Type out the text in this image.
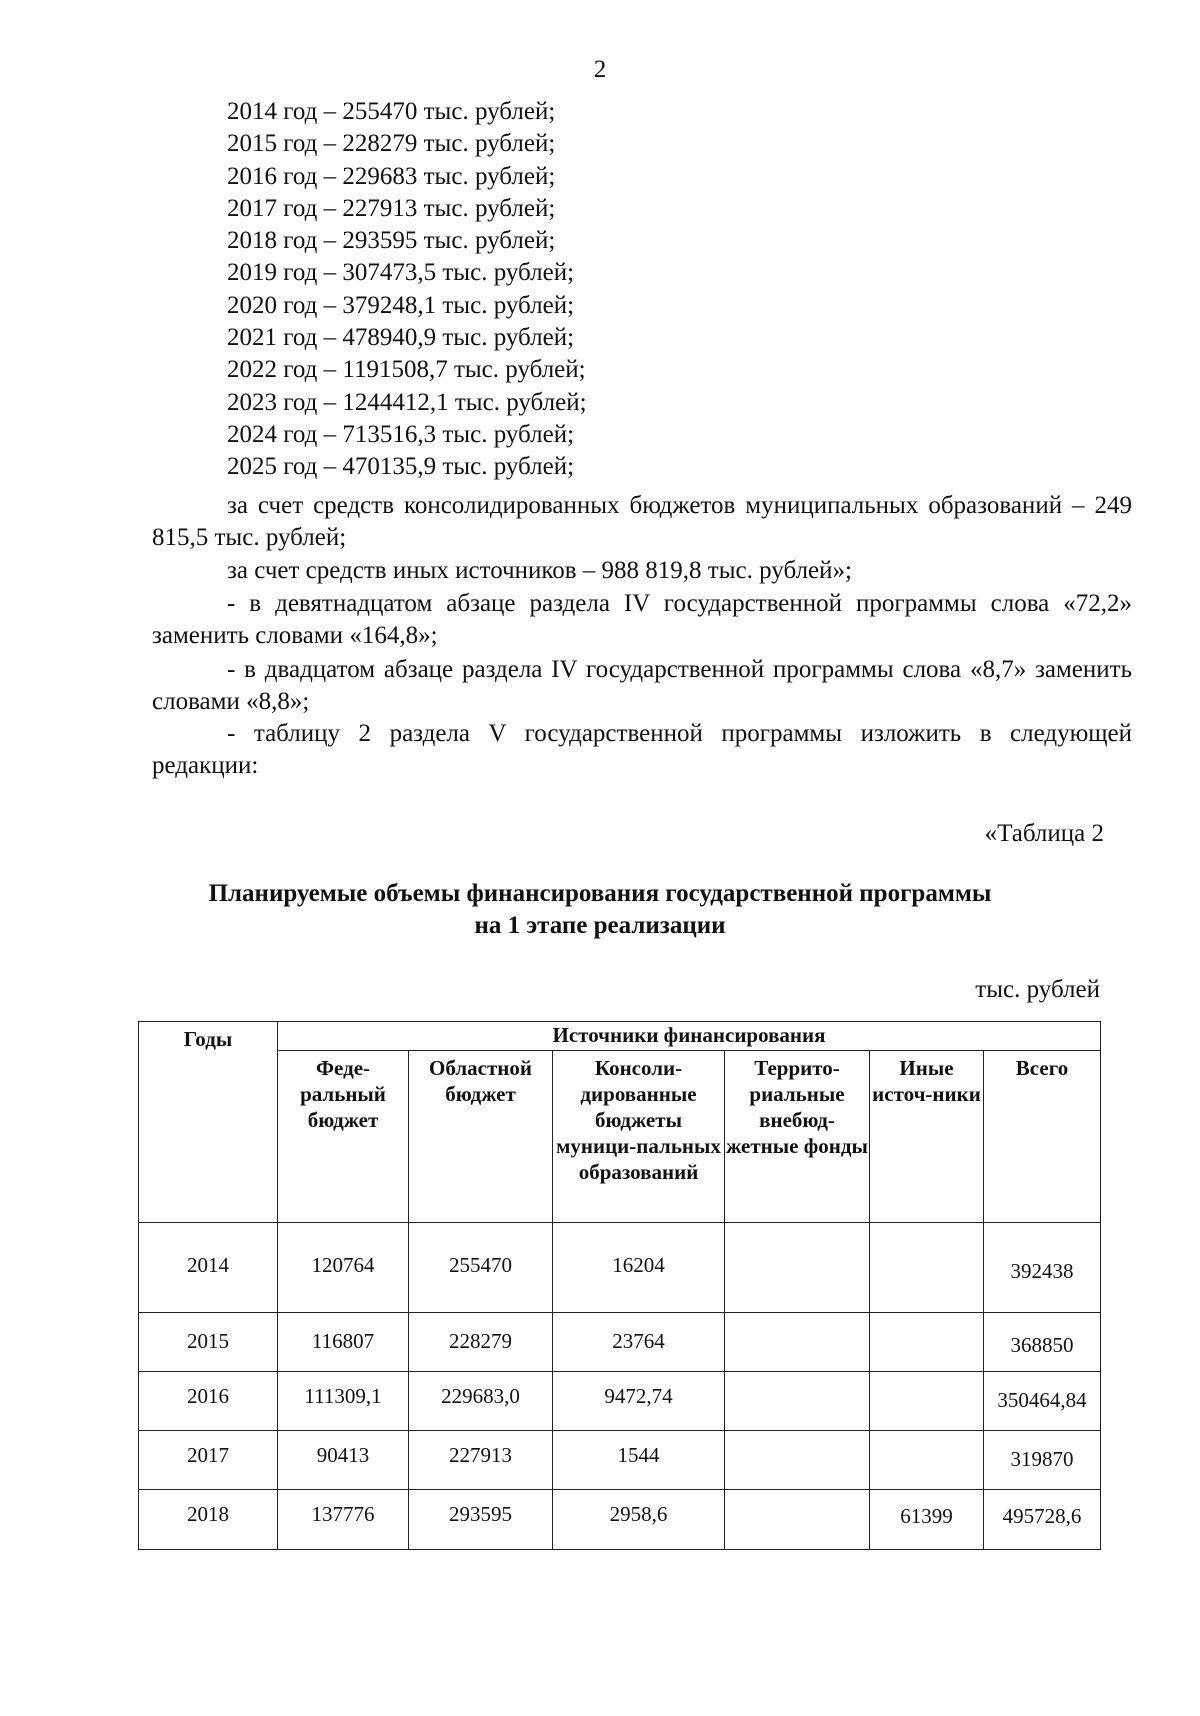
2
2014 год – 255470 тыс. рублей;
2015 год – 228279 тыс. рублей;
2016 год – 229683 тыс. рублей;
2017 год – 227913 тыс. рублей;
2018 год – 293595 тыс. рублей;
2019 год – 307473,5 тыс. рублей;
2020 год – 379248,1 тыс. рублей;
2021 год – 478940,9 тыс. рублей;
2022 год – 1191508,7 тыс. рублей;
2023 год – 1244412,1 тыс. рублей;
2024 год – 713516,3 тыс. рублей;
2025 год – 470135,9 тыс. рублей;
за счет средств консолидированных бюджетов муниципальных образований – 249 815,5 тыс. рублей;
за счет средств иных источников – 988 819,8 тыс. рублей»;
- в девятнадцатом абзаце раздела IV государственной программы слова «72,2» заменить словами «164,8»;
- в двадцатом абзаце раздела IV государственной программы слова «8,7» заменить словами «8,8»;
- таблицу 2 раздела V государственной программы изложить в следующей редакции:
«Таблица 2
Планируемые объемы финансирования государственной программы
на 1 этапе реализации
тыс. рублей
Годы	Источники финансирования					
	Феде-ральный бюджет	Областной бюджет	Консоли-дированные бюджеты муници-пальных образований	Террито-риальные внебюд-жетные фонды	Иные источ-ники	Всего
2014	120764	255470	16204			392438
2015	116807	228279	23764			368850
2016	111309,1	229683,0	9472,74			350464,84
2017	90413	227913	1544			319870
2018	137776	293595	2958,6		61399	495728,6
